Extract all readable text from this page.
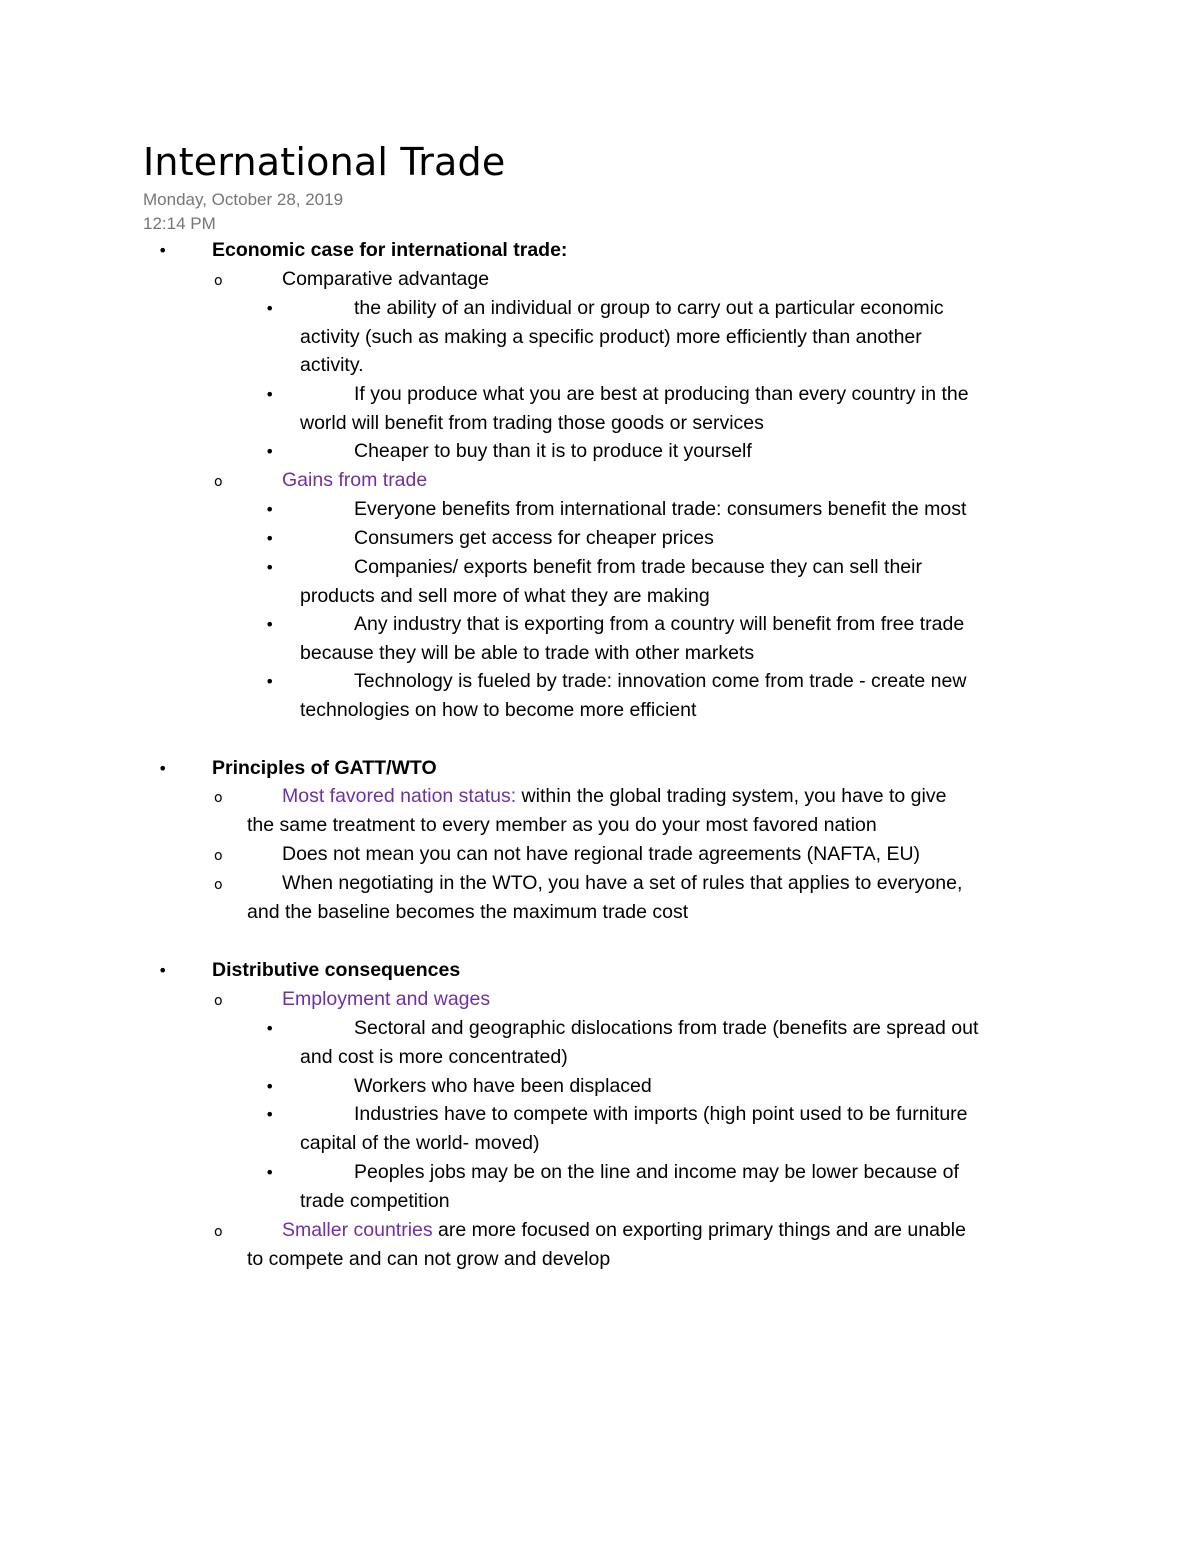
International Trade
Monday, October 28, 2019
12:14 PM
• Economic case for international trade:
o	Comparative advantage
•	the ability of an individual or group to carry out a particular economic
activity (such as making a specific product) more efficiently than another
activity.
•	If you produce what you are best at producing than every country in the
world will benefit from trading those goods or services
•	Cheaper to buy than it is to produce it yourself
o	Gains from trade
•	Everyone benefits from international trade: consumers benefit the most
•	Consumers get access for cheaper prices
•	Companies/ exports benefit from trade because they can sell their
products and sell more of what they are making
•	Any industry that is exporting from a country will benefit from free trade
because they will be able to trade with other markets
•	Technology is fueled by trade: innovation come from trade - create new
technologies on how to become more efficient
• Principles of GATT/WTO
o	Most favored nation status: within the global trading system, you have to give
the same treatment to every member as you do your most favored nation
o	Does not mean you can not have regional trade agreements (NAFTA, EU)
o	When negotiating in the WTO, you have a set of rules that applies to everyone,
and the baseline becomes the maximum trade cost
• Distributive consequences
o	Employment and wages
•	Sectoral and geographic dislocations from trade (benefits are spread out
and cost is more concentrated)
•	Workers who have been displaced
•	Industries have to compete with imports (high point used to be furniture
capital of the world- moved)
•	Peoples jobs may be on the line and income may be lower because of
trade competition
o	Smaller countries are more focused on exporting primary things and are unable
to compete and can not grow and develop
